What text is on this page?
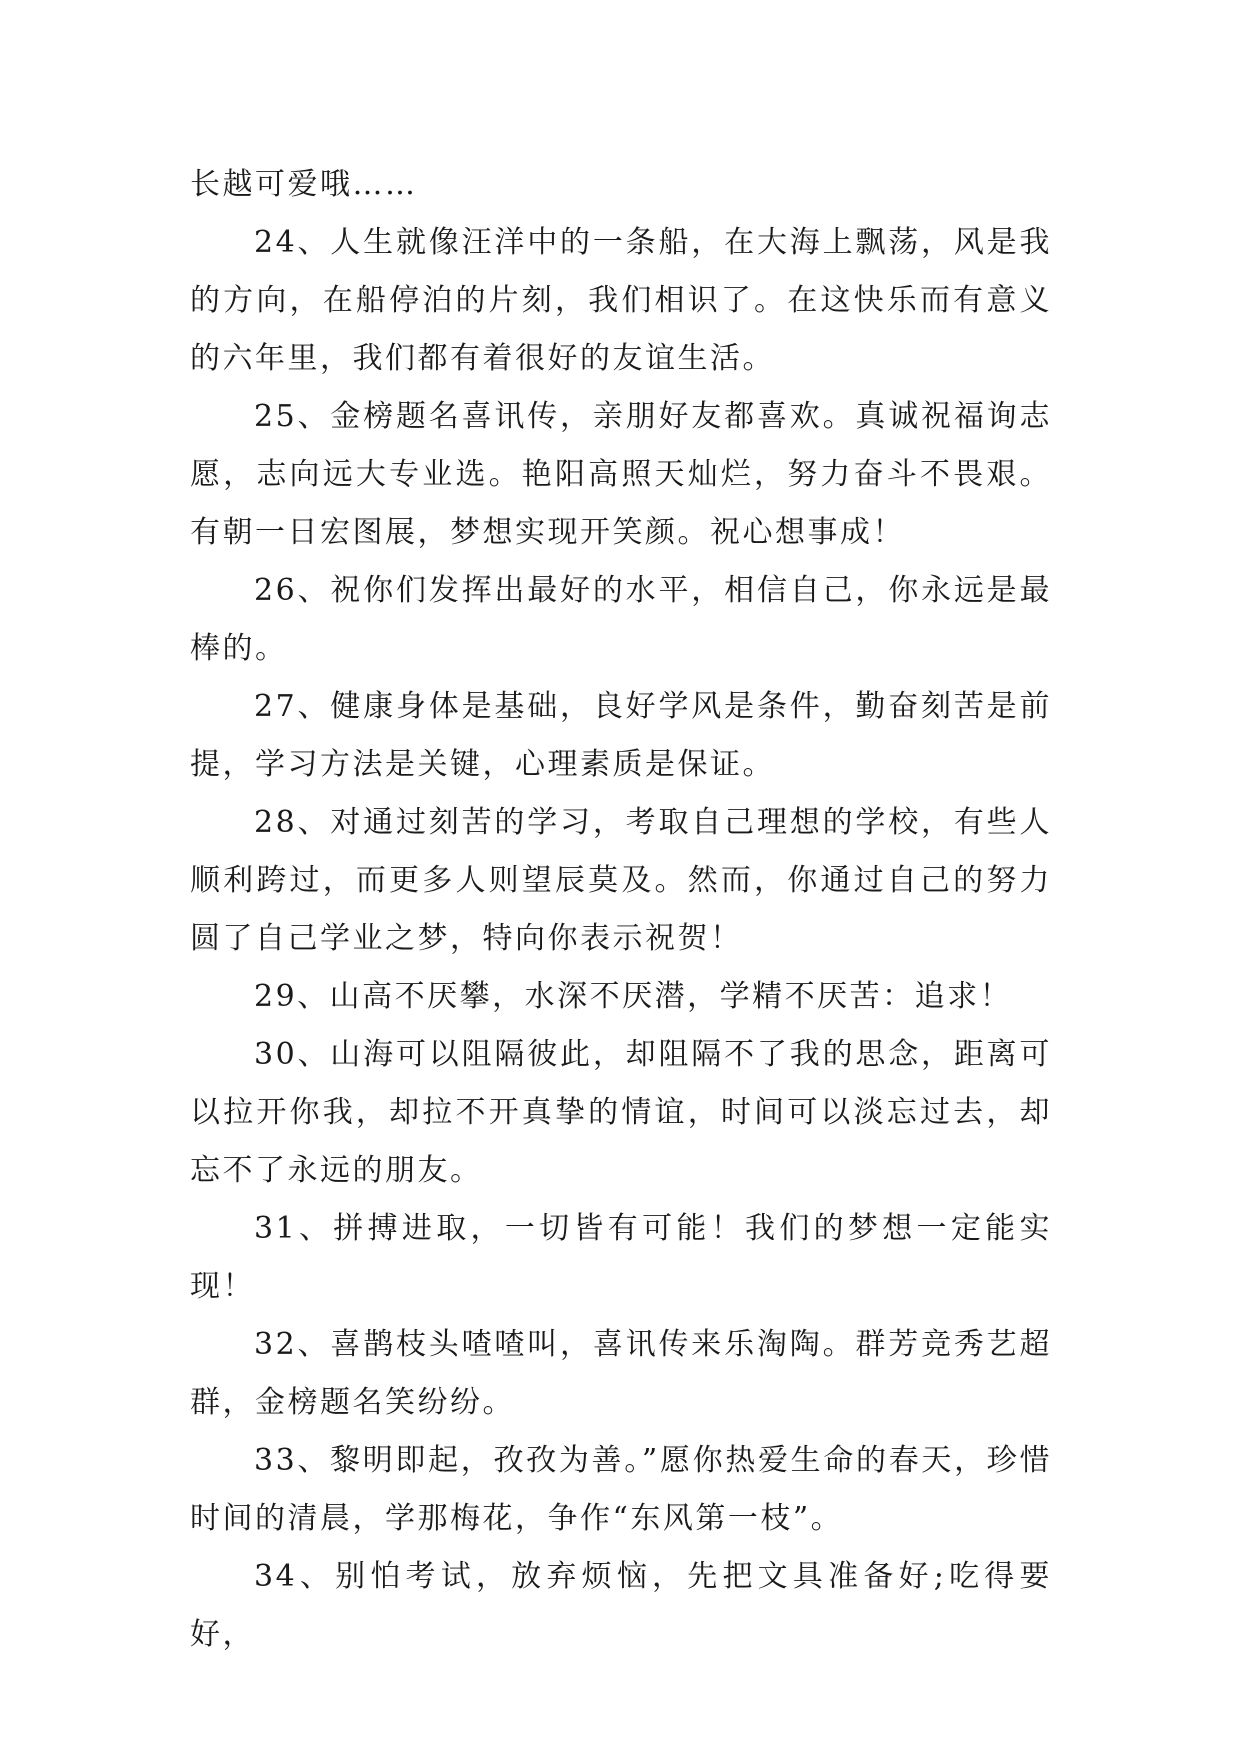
长越可爱哦……

24、人生就像汪洋中的一条船，在大海上飘荡，风是我的方向，在船停泊的片刻，我们相识了。在这快乐而有意义的六年里，我们都有着很好的友谊生活。

25、金榜题名喜讯传，亲朋好友都喜欢。真诚祝福询志愿，志向远大专业选。艳阳高照天灿烂，努力奋斗不畏艰。有朝一日宏图展，梦想实现开笑颜。祝心想事成！

26、祝你们发挥出最好的水平，相信自己，你永远是最棒的。

27、健康身体是基础，良好学风是条件，勤奋刻苦是前提，学习方法是关键，心理素质是保证。

28、对通过刻苦的学习，考取自己理想的学校，有些人顺利跨过，而更多人则望辰莫及。然而，你通过自己的努力圆了自己学业之梦，特向你表示祝贺！

29、山高不厌攀，水深不厌潜，学精不厌苦：追求！

30、山海可以阻隔彼此，却阻隔不了我的思念，距离可以拉开你我，却拉不开真挚的情谊，时间可以淡忘过去，却忘不了永远的朋友。

31、拼搏进取，一切皆有可能！我们的梦想一定能实现！

32、喜鹊枝头喳喳叫，喜讯传来乐淘陶。群芳竞秀艺超群，金榜题名笑纷纷。

33、黎明即起，孜孜为善。”愿你热爱生命的春天，珍惜时间的清晨，学那梅花，争作“东风第一枝”。

34、别怕考试，放弃烦恼，先把文具准备好;吃得要好，
